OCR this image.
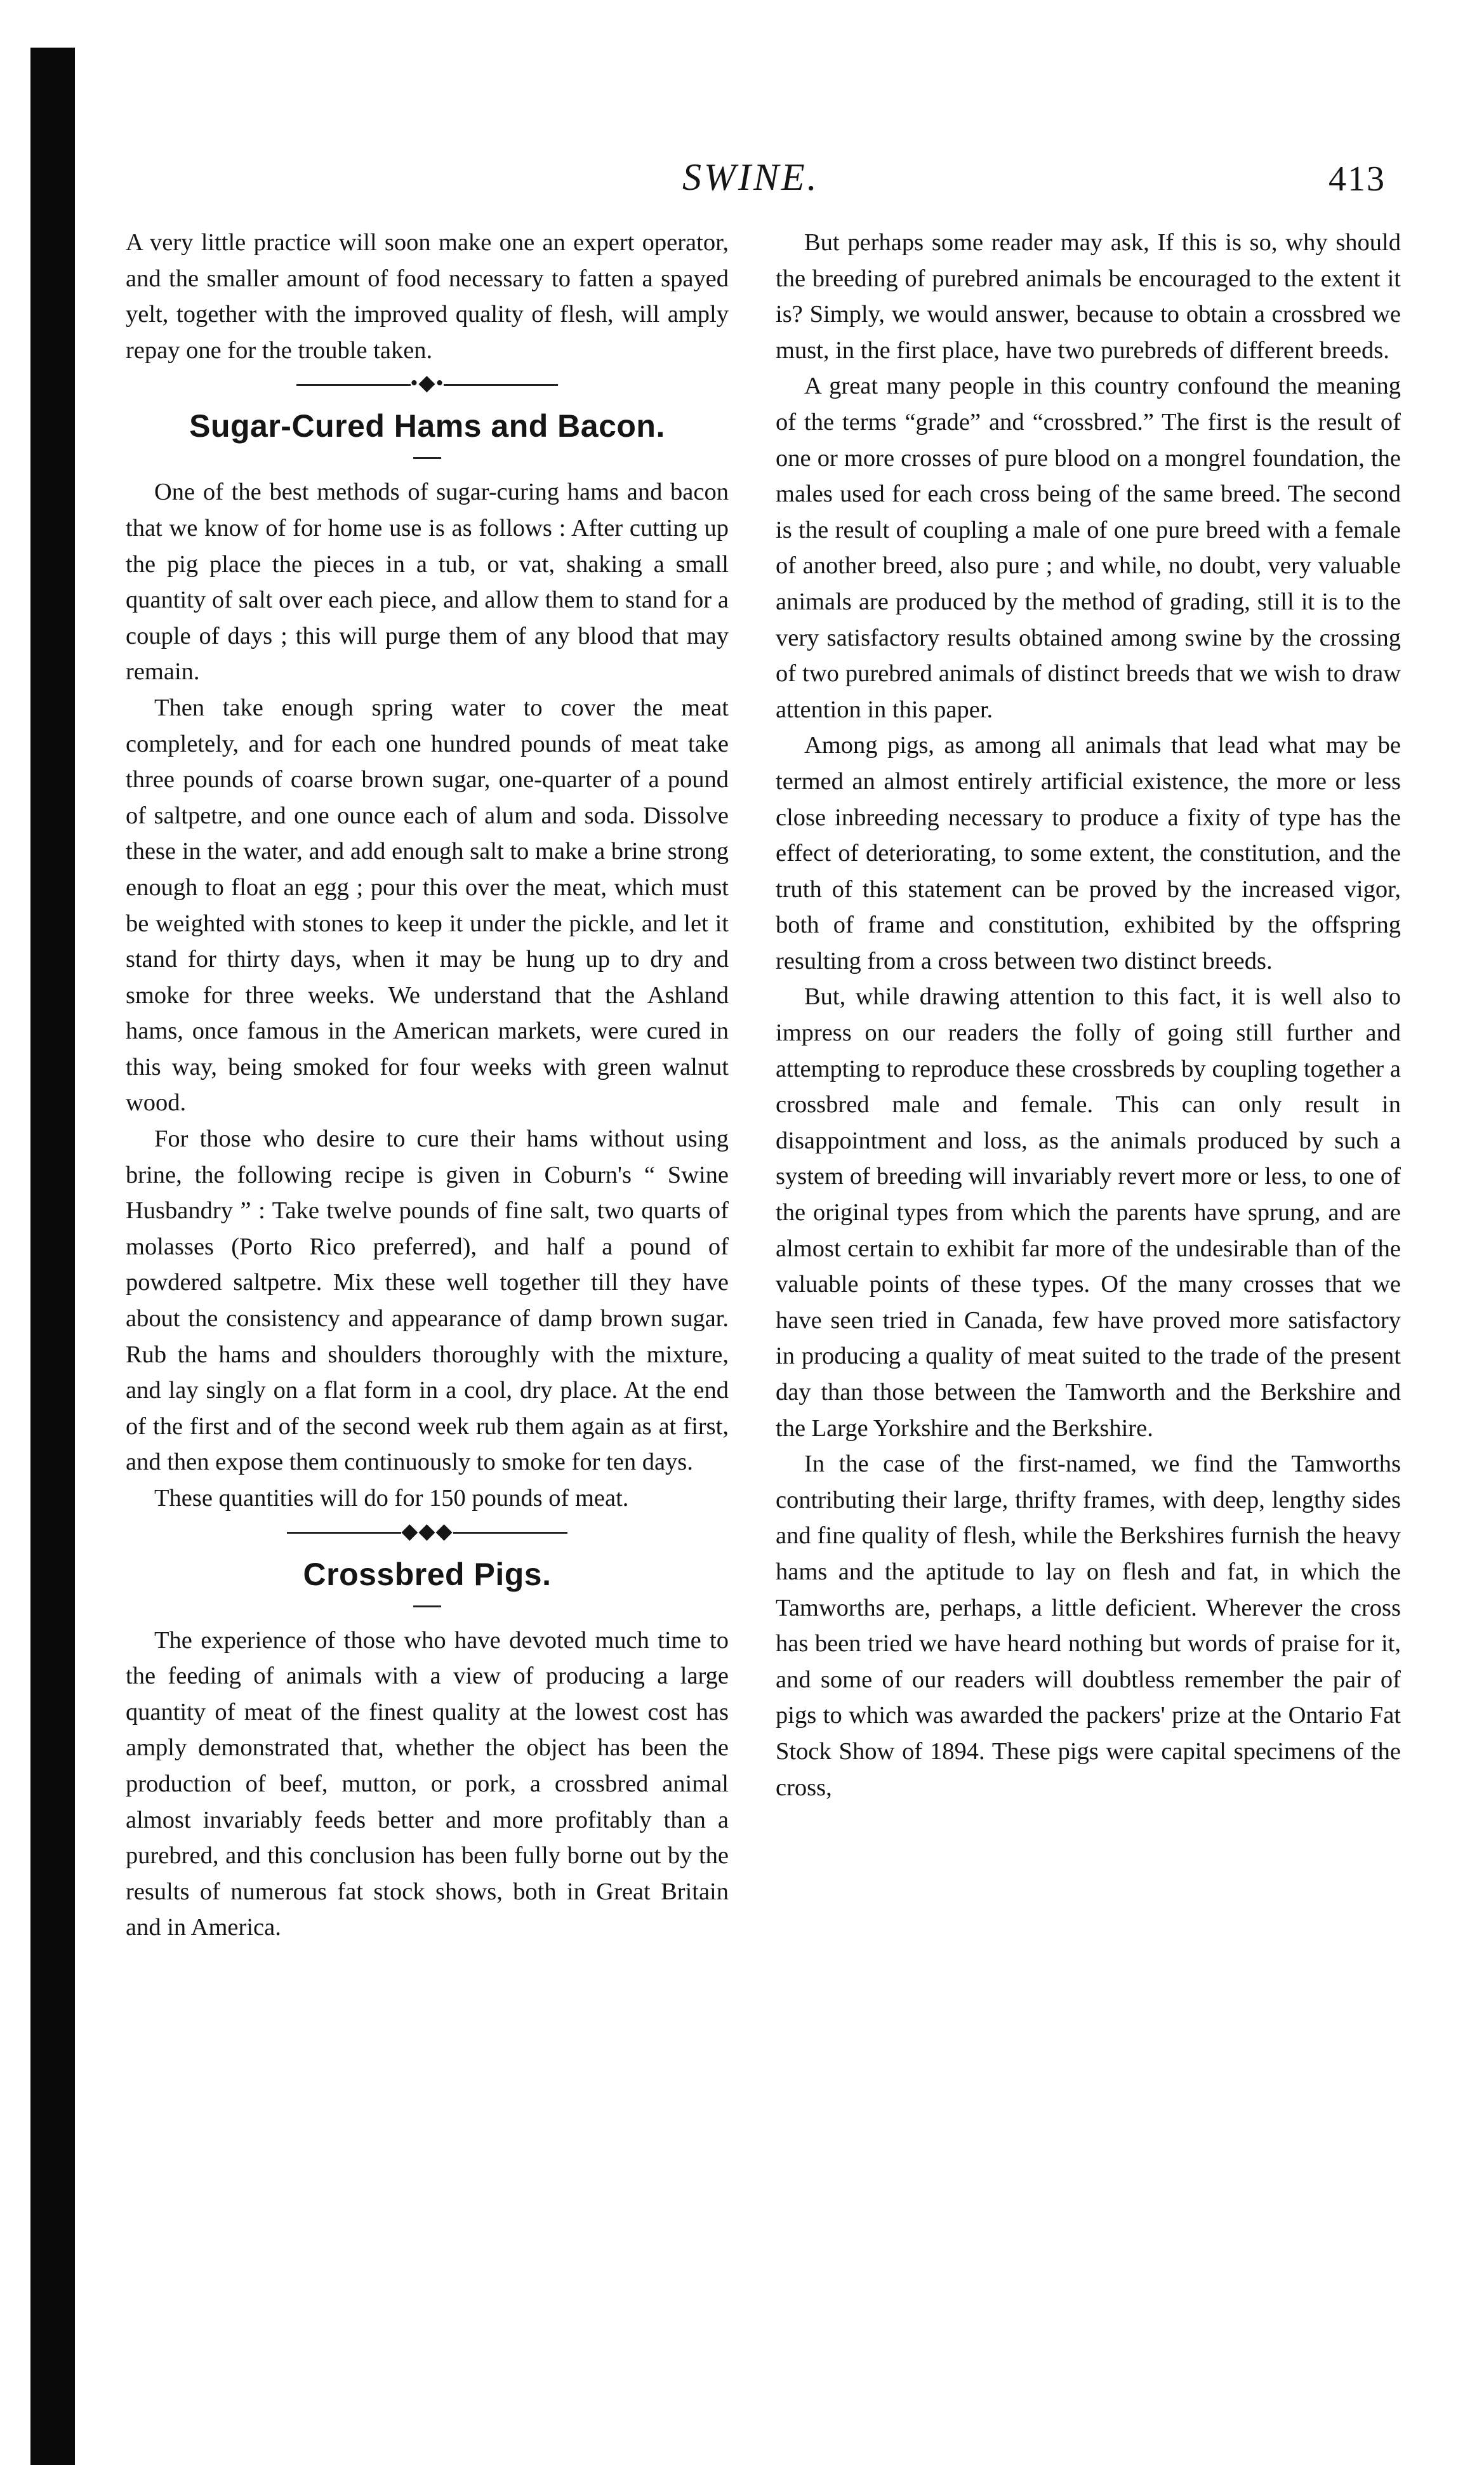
SWINE.	413

A very little practice will soon make one an expert operator, and the smaller amount of food necessary to fatten a spayed yelt, together with the improved quality of flesh, will amply repay one for the trouble taken.

•◆•
Sugar-Cured Hams and Bacon.

One of the best methods of sugar-curing hams and bacon that we know of for home use is as follows : After cutting up the pig place the pieces in a tub, or vat, shaking a small quantity of salt over each piece, and allow them to stand for a couple of days ; this will purge them of any blood that may remain.

Then take enough spring water to cover the meat completely, and for each one hundred pounds of meat take three pounds of coarse brown sugar, one-quarter of a pound of saltpetre, and one ounce each of alum and soda. Dissolve these in the water, and add enough salt to make a brine strong enough to float an egg ; pour this over the meat, which must be weighted with stones to keep it under the pickle, and let it stand for thirty days, when it may be hung up to dry and smoke for three weeks. We understand that the Ashland hams, once famous in the American markets, were cured in this way, being smoked for four weeks with green walnut wood.

For those who desire to cure their hams without using brine, the following recipe is given in Coburn's “ Swine Husbandry ” : Take twelve pounds of fine salt, two quarts of molasses (Porto Rico preferred), and half a pound of powdered saltpetre. Mix these well together till they have about the consistency and appearance of damp brown sugar. Rub the hams and shoulders thoroughly with the mixture, and lay singly on a flat form in a cool, dry place. At the end of the first and of the second week rub them again as at first, and then expose them continuously to smoke for ten days.

These quantities will do for 150 pounds of meat.

◆◆◆
Crossbred Pigs.

The experience of those who have devoted much time to the feeding of animals with a view of producing a large quantity of meat of the finest quality at the lowest cost has amply demonstrated that, whether the object has been the production of beef, mutton, or pork, a crossbred animal almost invariably feeds better and more profitably than a purebred, and this conclusion has been fully borne out by the results of numerous fat stock shows, both in Great Britain and in America.

But perhaps some reader may ask, If this is so, why should the breeding of purebred animals be encouraged to the extent it is? Simply, we would answer, because to obtain a crossbred we must, in the first place, have two purebreds of different breeds.

A great many people in this country confound the meaning of the terms “grade” and “crossbred.” The first is the result of one or more crosses of pure blood on a mongrel foundation, the males used for each cross being of the same breed. The second is the result of coupling a male of one pure breed with a female of another breed, also pure ; and while, no doubt, very valuable animals are produced by the method of grading, still it is to the very satisfactory results obtained among swine by the crossing of two purebred animals of distinct breeds that we wish to draw attention in this paper.

Among pigs, as among all animals that lead what may be termed an almost entirely artificial existence, the more or less close inbreeding necessary to produce a fixity of type has the effect of deteriorating, to some extent, the constitution, and the truth of this statement can be proved by the increased vigor, both of frame and constitution, exhibited by the offspring resulting from a cross between two distinct breeds.

But, while drawing attention to this fact, it is well also to impress on our readers the folly of going still further and attempting to reproduce these crossbreds by coupling together a crossbred male and female. This can only result in disappointment and loss, as the animals produced by such a system of breeding will invariably revert more or less, to one of the original types from which the parents have sprung, and are almost certain to exhibit far more of the undesirable than of the valuable points of these types. Of the many crosses that we have seen tried in Canada, few have proved more satisfactory in producing a quality of meat suited to the trade of the present day than those between the Tamworth and the Berkshire and the Large Yorkshire and the Berkshire.

In the case of the first-named, we find the Tamworths contributing their large, thrifty frames, with deep, lengthy sides and fine quality of flesh, while the Berkshires furnish the heavy hams and the aptitude to lay on flesh and fat, in which the Tamworths are, perhaps, a little deficient. Wherever the cross has been tried we have heard nothing but words of praise for it, and some of our readers will doubtless remember the pair of pigs to which was awarded the packers' prize at the Ontario Fat Stock Show of 1894. These pigs were capital specimens of the cross,
